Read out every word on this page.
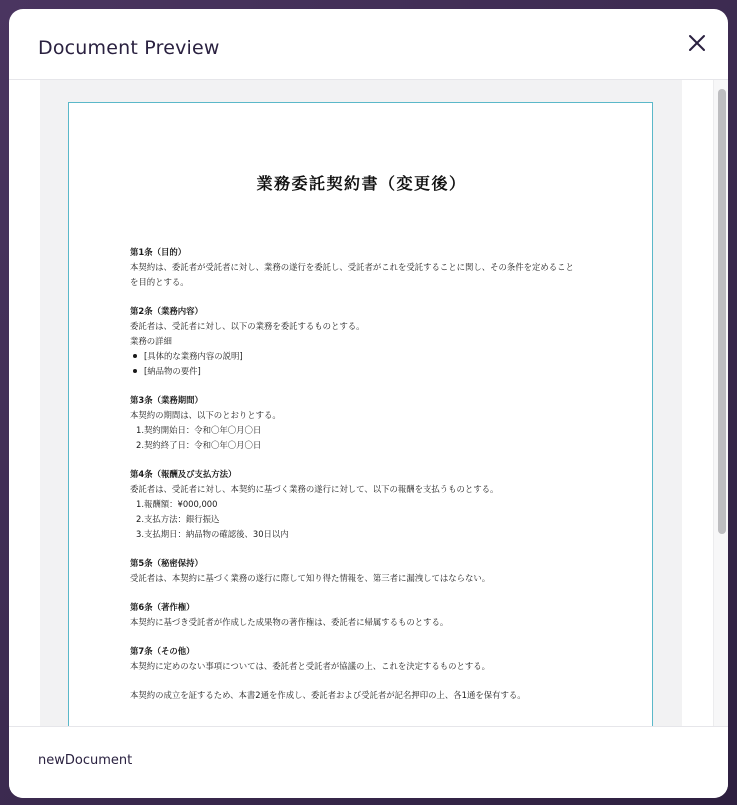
Document Preview
業務委託契約書（変更後）
第1条（目的）
本契約は、委託者が受託者に対し、業務の遂行を委託し、受託者がこれを受託することに関し、その条件を定めること
を目的とする。
第2条（業務内容）
委託者は、受託者に対し、以下の業務を委託するものとする。
業務の詳細
[具体的な業務内容の説明]
[納品物の要件]
第3条（業務期間）
本契約の期間は、以下のとおりとする。
1.契約開始日：令和〇年〇月〇日
2.契約終了日：令和〇年〇月〇日
第4条（報酬及び支払方法）
委託者は、受託者に対し、本契約に基づく業務の遂行に対して、以下の報酬を支払うものとする。
1.報酬額：¥000,000
2.支払方法：銀行振込
3.支払期日：納品物の確認後、30日以内
第5条（秘密保持）
受託者は、本契約に基づく業務の遂行に際して知り得た情報を、第三者に漏洩してはならない。
第6条（著作権）
本契約に基づき受託者が作成した成果物の著作権は、委託者に帰属するものとする。
第7条（その他）
本契約に定めのない事項については、委託者と受託者が協議の上、これを決定するものとする。
本契約の成立を証するため、本書2通を作成し、委託者および受託者が記名押印の上、各1通を保有する。
newDocument
